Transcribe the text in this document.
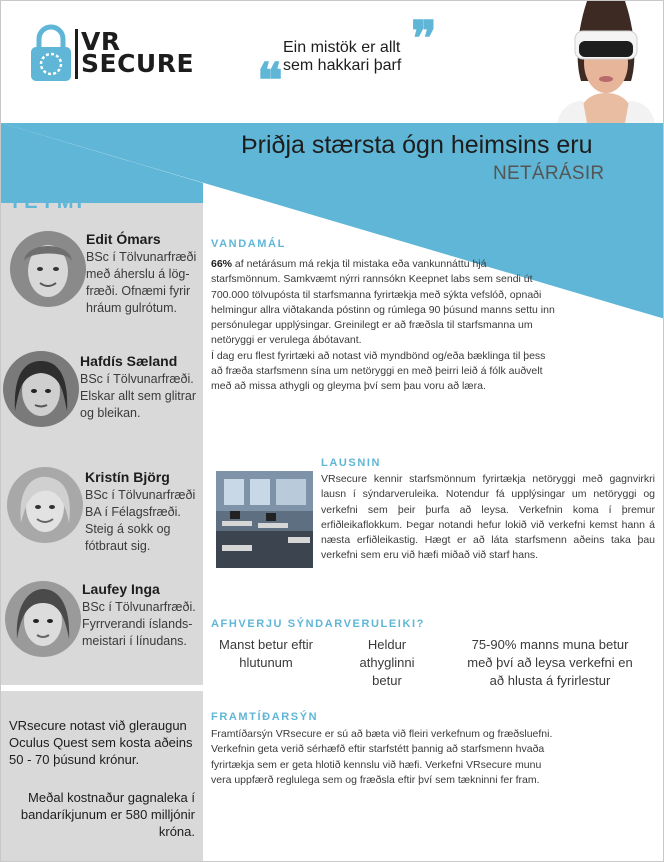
VR
SECURE	❞
Ein mistök er allt
sem hakkari þarf
❝
Þriðja stærsta ógn heimsins eru
NETÁRÁSIR
TEYMI
Edit Ómars
BSc í Tölvunarfræði
með áherslu á lög-
fræði. Ofnæmi fyrir
hráum gulrótum.
Hafdís Sæland
BSc í Tölvunarfræði.
Elskar allt sem glitrar
og bleikan.
Kristín Björg
BSc í Tölvunarfræði
BA í Félagsfræði.
Steig á sokk og
fótbraut sig.
Laufey Inga
BSc í Tölvunarfræði.
Fyrrverandi íslands-
meistari í línudans.
VRsecure notast við gleraugun Oculus Quest sem kosta aðeins 50 - 70 þúsund krónur.
Meðal kostnaður gagnaleka í bandaríkjunum er 580 milljónir króna.
VANDAMÁL
66% af netárásum má rekja til mistaka eða vankunnáttu hjá starfsmönnum. Samkvæmt nýrri rannsókn Keepnet labs sem sendi út 700.000 tölvupósta til starfsmanna fyrirtækja með sýkta vefslóð, opnaði helmingur allra viðtakanda póstinn og rúmlega 90 þúsund manns settu inn persónulegar upplýsingar. Greinilegt er að fræðsla til starfsmanna um netöryggi er verulega ábótavant.
Í dag eru flest fyrirtæki að notast við myndbönd og/eða bæklinga til þess að fræða starfsmenn sína um netöryggi en með þeirri leið á fólk auðvelt með að missa athygli og gleyma því sem þau voru að læra.
LAUSNIN
VRsecure kennir starfsmönnum fyrirtækja netöryggi með gagnvirkri lausn í sýndarveruleika. Notendur fá upplýsingar um netöryggi og verkefni sem þeir þurfa að leysa. Verkefnin koma í þremur erfiðleikaflokkum. Þegar notandi hefur lokið við verkefni kemst hann á næsta erfiðleikastig. Hægt er að láta starfsmenn aðeins taka þau verkefni sem eru við hæfi miðað við starf hans.
AFHVERJU SÝNDARVERULEIKI?
Manst betur eftir hlutunum
Heldur athyglinni betur
75-90% manns muna betur með því að leysa verkefni en að hlusta á fyrirlestur
FRAMTÍÐARSÝN
Framtíðarsýn VRsecure er sú að bæta við fleiri verkefnum og fræðsluefni. Verkefnin geta verið sérhæfð eftir starfstétt þannig að starfsmenn hvaða fyrirtækja sem er geta hlotið kennslu við hæfi. Verkefni VRsecure munu vera uppfærð reglulega sem og fræðsla eftir því sem tækninni fer fram.
